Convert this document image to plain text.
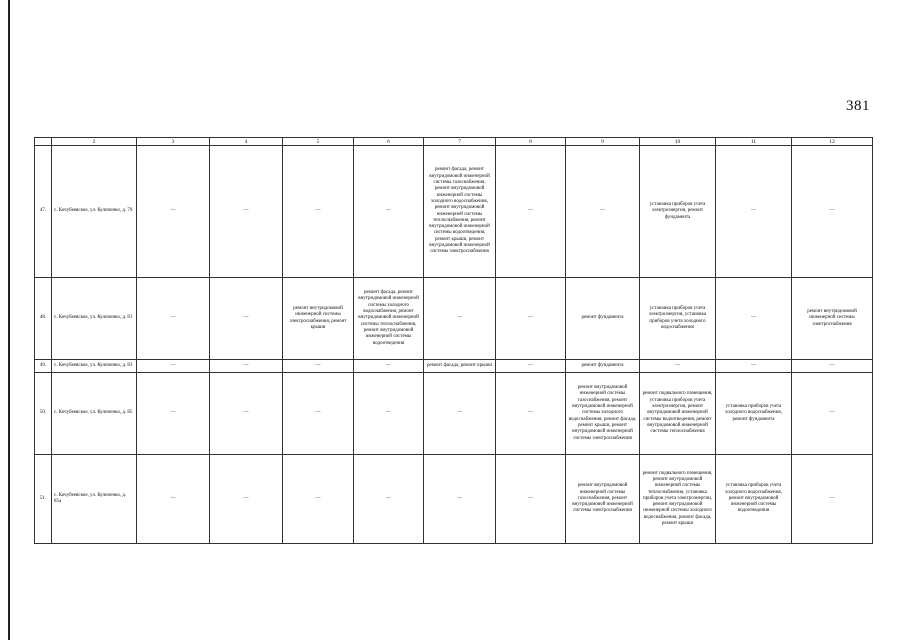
381
	2	3	4	5	6	7	8	9	10	11	12
47.	с. Кочубеевское, ул. Куличенко, д. 79	—	—	—	—	ремонт фасада, ремонт внутридомовой инженерной системы газоснабжения, ремонт внутридомовой инженерной системы холодного водоснабжения, ремонт внутридомовой инженерной системы теплоснабжения, ремонт внутридомовой инженерной системы водоотведения, ремонт крыши, ремонт внутридомовой инженерной системы электроснабжения	—	—	установка приборов учета электроэнергии, ремонт фундамента	—	—
48.	с. Кочубеевское, ул. Куличенко, д. 81	—	—	ремонт внутридомовой инженерной системы электроснабжения, ремонт крыши	ремонт фасада, ремонт внутридомовой инженерной системы холодного водоснабжения, ремонт внутридомовой инженерной системы теплоснабжения, ремонт внутридомовой инженерной системы водоотведения	—	—	ремонт фундамента	установка приборов учета электроэнергии, установка приборов учета холодного водоснабжения	—	ремонт внутридомовой инженерной системы электроснабжения
49.	с. Кочубеевское, ул. Куличенко, д. 83	—	—	—	—	ремонт фасада, ремонт крыши	—	ремонт фундамента	—	—	—
50.	с. Кочубеевское, ул. Куличенко, д. 85	—	—	—	—	—	—	ремонт внутридомовой инженерной системы газоснабжения, ремонт внутридомовой инженерной системы холодного водоснабжения, ремонт фасада, ремонт крыши, ремонт внутридомовой инженерной системы электроснабжения	ремонт подвального помещения, установка приборов учета электроэнергии, ремонт внутридомовой инженерной системы водоотведения, ремонт внутридомовой инженерной системы теплоснабжения	установка приборов учета холодного водоснабжения, ремонт фундамента	—
51.	с. Кочубеевское, ул. Куличенко, д. 85а	—	—	—	—	—	—	ремонт внутридомовой инженерной системы газоснабжения, ремонт внутридомовой инженерной системы электроснабжения	ремонт подвального помещения, ремонт внутридомовой инженерной системы теплоснабжения, установка приборов учета электроэнергии, ремонт внутридомовой инженерной системы холодного водоснабжения, ремонт фасада, ремонт крыши	установка приборов учета холодного водоснабжения, ремонт внутридомовой инженерной системы водоотведения	—
